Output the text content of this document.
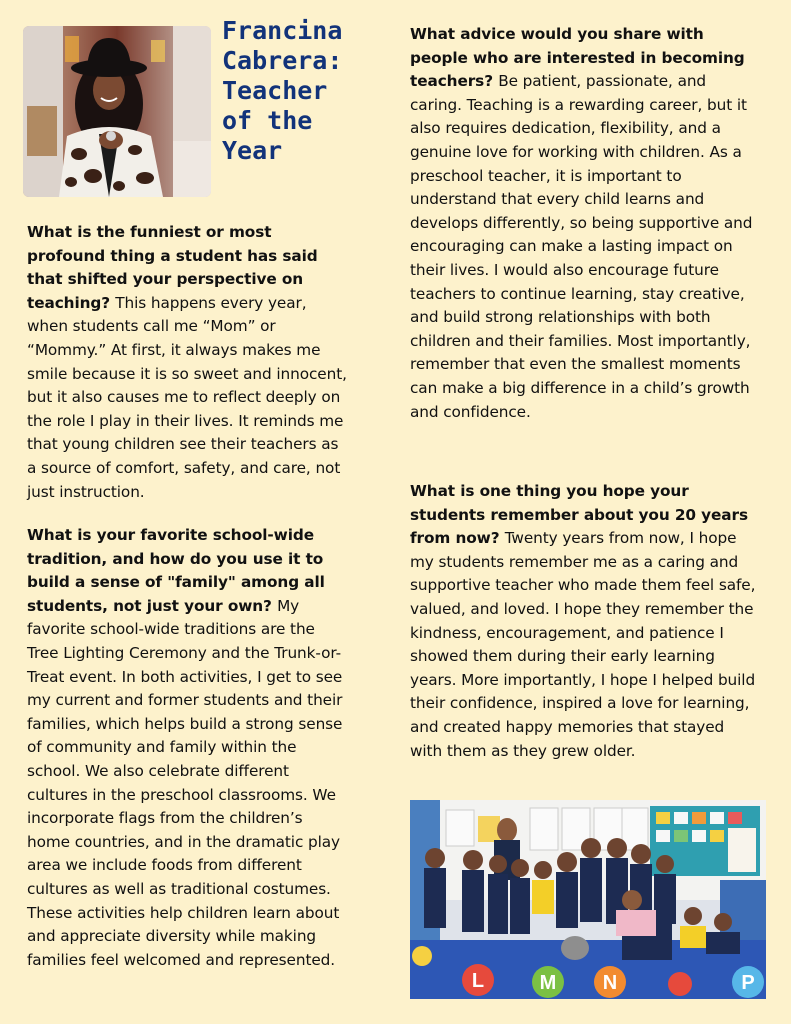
Francina
Cabrera:
Teacher
of the
Year

What is the funniest or most profound thing a student has said that shifted your perspective on teaching? This happens every year, when students call me “Mom” or “Mommy.” At first, it always makes me smile because it is so sweet and innocent, but it also causes me to reflect deeply on the role I play in their lives. It reminds me that young children see their teachers as a source of comfort, safety, and care, not just instruction.

What is your favorite school-wide tradition, and how do you use it to build a sense of "family" among all students, not just your own? My favorite school-wide traditions are the Tree Lighting Ceremony and the Trunk-or-Treat event. In both activities, I get to see my current and former students and their families, which helps build a strong sense of community and family within the school. We also celebrate different cultures in the preschool classrooms. We incorporate flags from the children’s home countries, and in the dramatic play area we include foods from different cultures as well as traditional costumes. These activities help children learn about and appreciate diversity while making families feel welcomed and represented.

What advice would you share with people who are interested in becoming teachers? Be patient, passionate, and caring. Teaching is a rewarding career, but it also requires dedication, flexibility, and a genuine love for working with children. As a preschool teacher, it is important to understand that every child learns and develops differently, so being supportive and encouraging can make a lasting impact on their lives. I would also encourage future teachers to continue learning, stay creative, and build strong relationships with both children and their families. Most importantly, remember that even the smallest moments can make a big difference in a child’s growth and confidence.

What is one thing you hope your students remember about you 20 years from now? Twenty years from now, I hope my students remember me as a caring and supportive teacher who made them feel safe, valued, and loved. I hope they remember the kindness, encouragement, and patience I showed them during their early learning years. More importantly, I hope I helped build their confidence, inspired a love for learning, and created happy memories that stayed with them as they grew older.

L	M N	P
